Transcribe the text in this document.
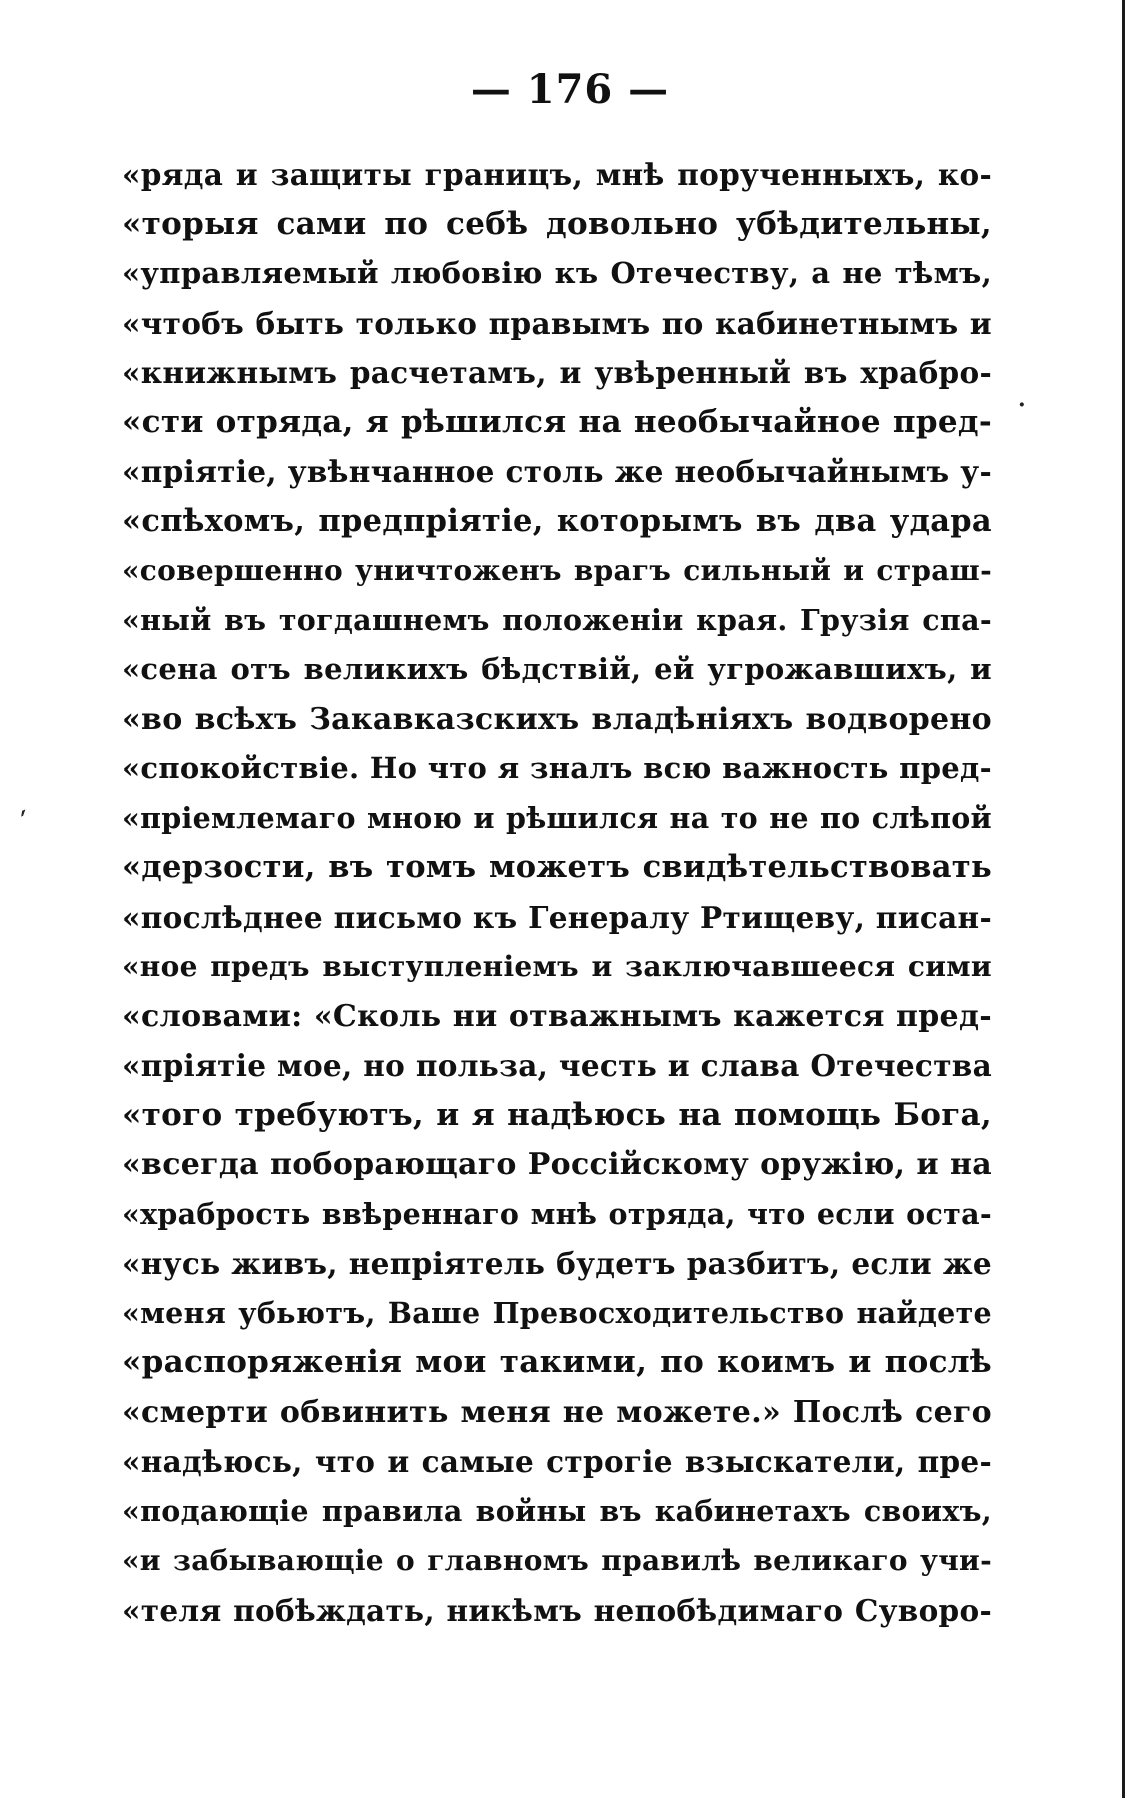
— 176 —
·
ˊ
«ряда и защиты границъ, мнѣ порученныхъ, ко-
«торыя сами по себѣ довольно убѣдительны,
«управляемый любовію къ Отечеству, а не тѣмъ,
«чтобъ быть только правымъ по кабинетнымъ и
«книжнымъ расчетамъ, и увѣренный въ храбро-
«сти отряда, я рѣшился на необычайное пред-
«пріятіе, увѣнчанное столь же необычайнымъ у-
«спѣхомъ, предпріятіе, которымъ въ два удара
«совершенно уничтоженъ врагъ сильный и страш-
«ный въ тогдашнемъ положеніи края. Грузія спа-
«сена отъ великихъ бѣдствій, ей угрожавшихъ, и
«во всѣхъ Закавказскихъ владѣніяхъ водворено
«спокойствіе. Но что я зналъ всю важность пред-
«пріемлемаго мною и рѣшился на то не по слѣпой
«дерзости, въ томъ можетъ свидѣтельствовать
«послѣднее письмо къ Генералу Ртищеву, писан-
«ное предъ выступленіемъ и заключавшееся сими
«словами: «Сколь ни отважнымъ кажется пред-
«пріятіе мое, но польза, честь и слава Отечества
«того требуютъ, и я надѣюсь на помощь Бога,
«всегда поборающаго Россійскому оружію, и на
«храбрость ввѣреннаго мнѣ отряда, что если оста-
«нусь живъ, непріятель будетъ разбитъ, если же
«меня убьютъ, Ваше Превосходительство найдете
«распоряженія мои такими, по коимъ и послѣ
«смерти обвинить меня не можете.» Послѣ сего
«надѣюсь, что и самые строгіе взыскатели, пре-
«подающіе правила войны въ кабинетахъ своихъ,
«и забывающіе о главномъ правилѣ великаго учи-
«теля побѣждать, никѣмъ непобѣдимаго Суворо-
